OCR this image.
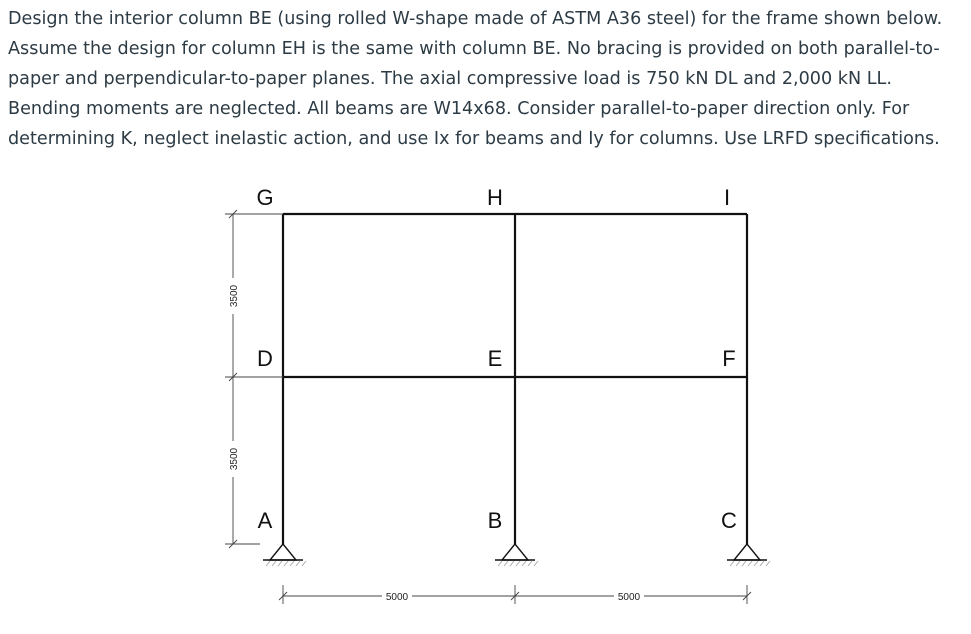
Design the interior column BE (using rolled W-shape made of ASTM A36 steel) for the frame shown below. Assume the design for column EH is the same with column BE. No bracing is provided on both parallel-to-paper and perpendicular-to-paper planes. The axial compressive load is 750 kN DL and 2,000 kN LL. Bending moments are neglected. All beams are W14x68. Consider parallel-to-paper direction only. For determining K, neglect inelastic action, and use Ix for beams and Iy for columns. Use LRFD specifications.

G	H	I
D	E	F
A	B	C
3500
3500
5000	5000
